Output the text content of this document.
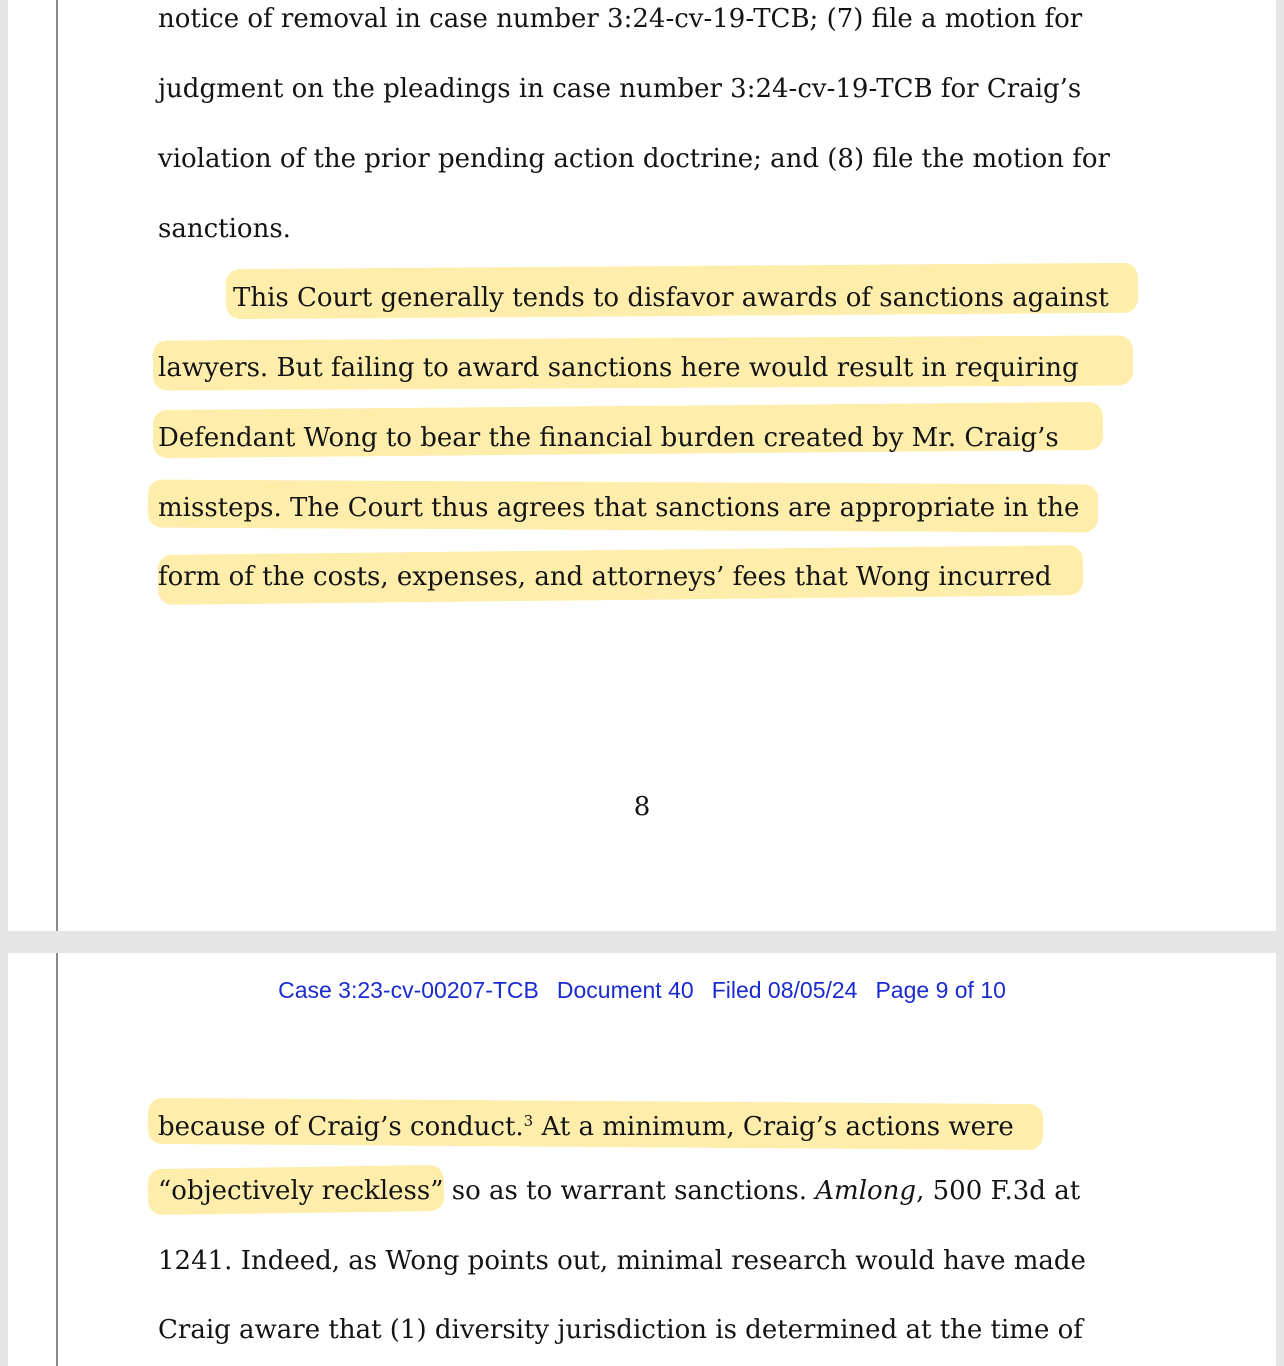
notice of removal in case number 3:24-cv-19-TCB; (7) file a motion for
judgment on the pleadings in case number 3:24-cv-19-TCB for Craig’s
violation of the prior pending action doctrine; and (8) file the motion for
sanctions.
This Court generally tends to disfavor awards of sanctions against
lawyers. But failing to award sanctions here would result in requiring
Defendant Wong to bear the financial burden created by Mr. Craig’s
missteps. The Court thus agrees that sanctions are appropriate in the
form of the costs, expenses, and attorneys’ fees that Wong incurred
8
Case 3:23-cv-00207-TCB Document 40 Filed 08/05/24 Page 9 of 10
because of Craig’s conduct.$^3$ At a minimum, Craig’s actions were
“objectively reckless” so as to warrant sanctions. Amlong, 500 F.3d at
1241. Indeed, as Wong points out, minimal research would have made
Craig aware that (1) diversity jurisdiction is determined at the time of
